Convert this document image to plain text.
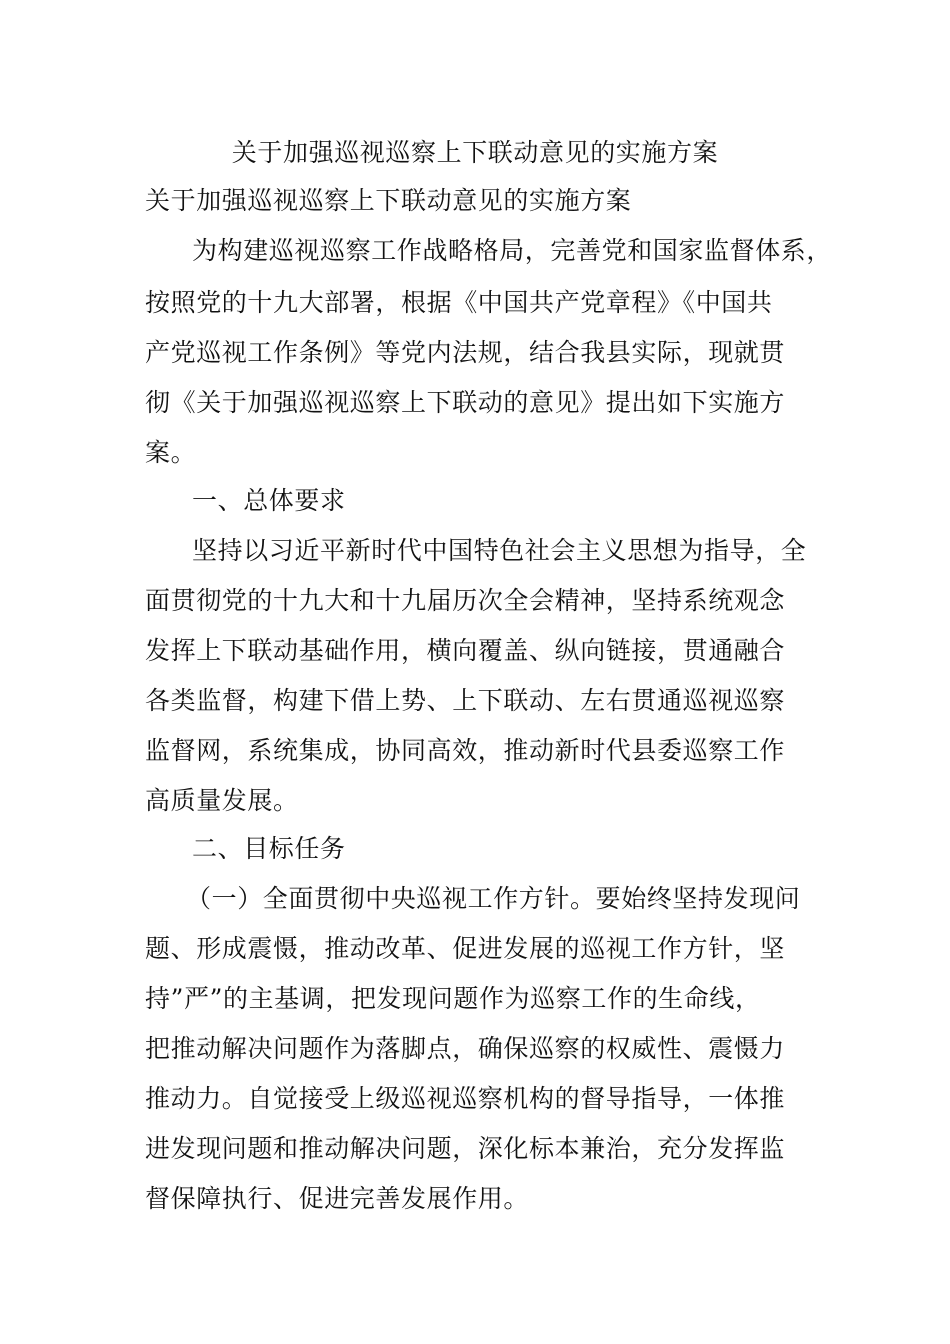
关于加强巡视巡察上下联动意见的实施方案
关于加强巡视巡察上下联动意见的实施方案
为构建巡视巡察工作战略格局，完善党和国家监督体系，
按照党的十九大部署，根据《中国共产党章程》《中国共
产党巡视工作条例》等党内法规，结合我县实际，现就贯
彻《关于加强巡视巡察上下联动的意见》提出如下实施方
案。
一、总体要求
坚持以习近平新时代中国特色社会主义思想为指导，全
面贯彻党的十九大和十九届历次全会精神，坚持系统观念
发挥上下联动基础作用，横向覆盖、纵向链接，贯通融合
各类监督，构建下借上势、上下联动、左右贯通巡视巡察
监督网，系统集成，协同高效，推动新时代县委巡察工作
高质量发展。
二、目标任务
（一）全面贯彻中央巡视工作方针。要始终坚持发现问
题、形成震慑，推动改革、促进发展的巡视工作方针，坚
持”严”的主基调，把发现问题作为巡察工作的生命线，
把推动解决问题作为落脚点，确保巡察的权威性、震慑力
推动力。自觉接受上级巡视巡察机构的督导指导，一体推
进发现问题和推动解决问题，深化标本兼治，充分发挥监
督保障执行、促进完善发展作用。
